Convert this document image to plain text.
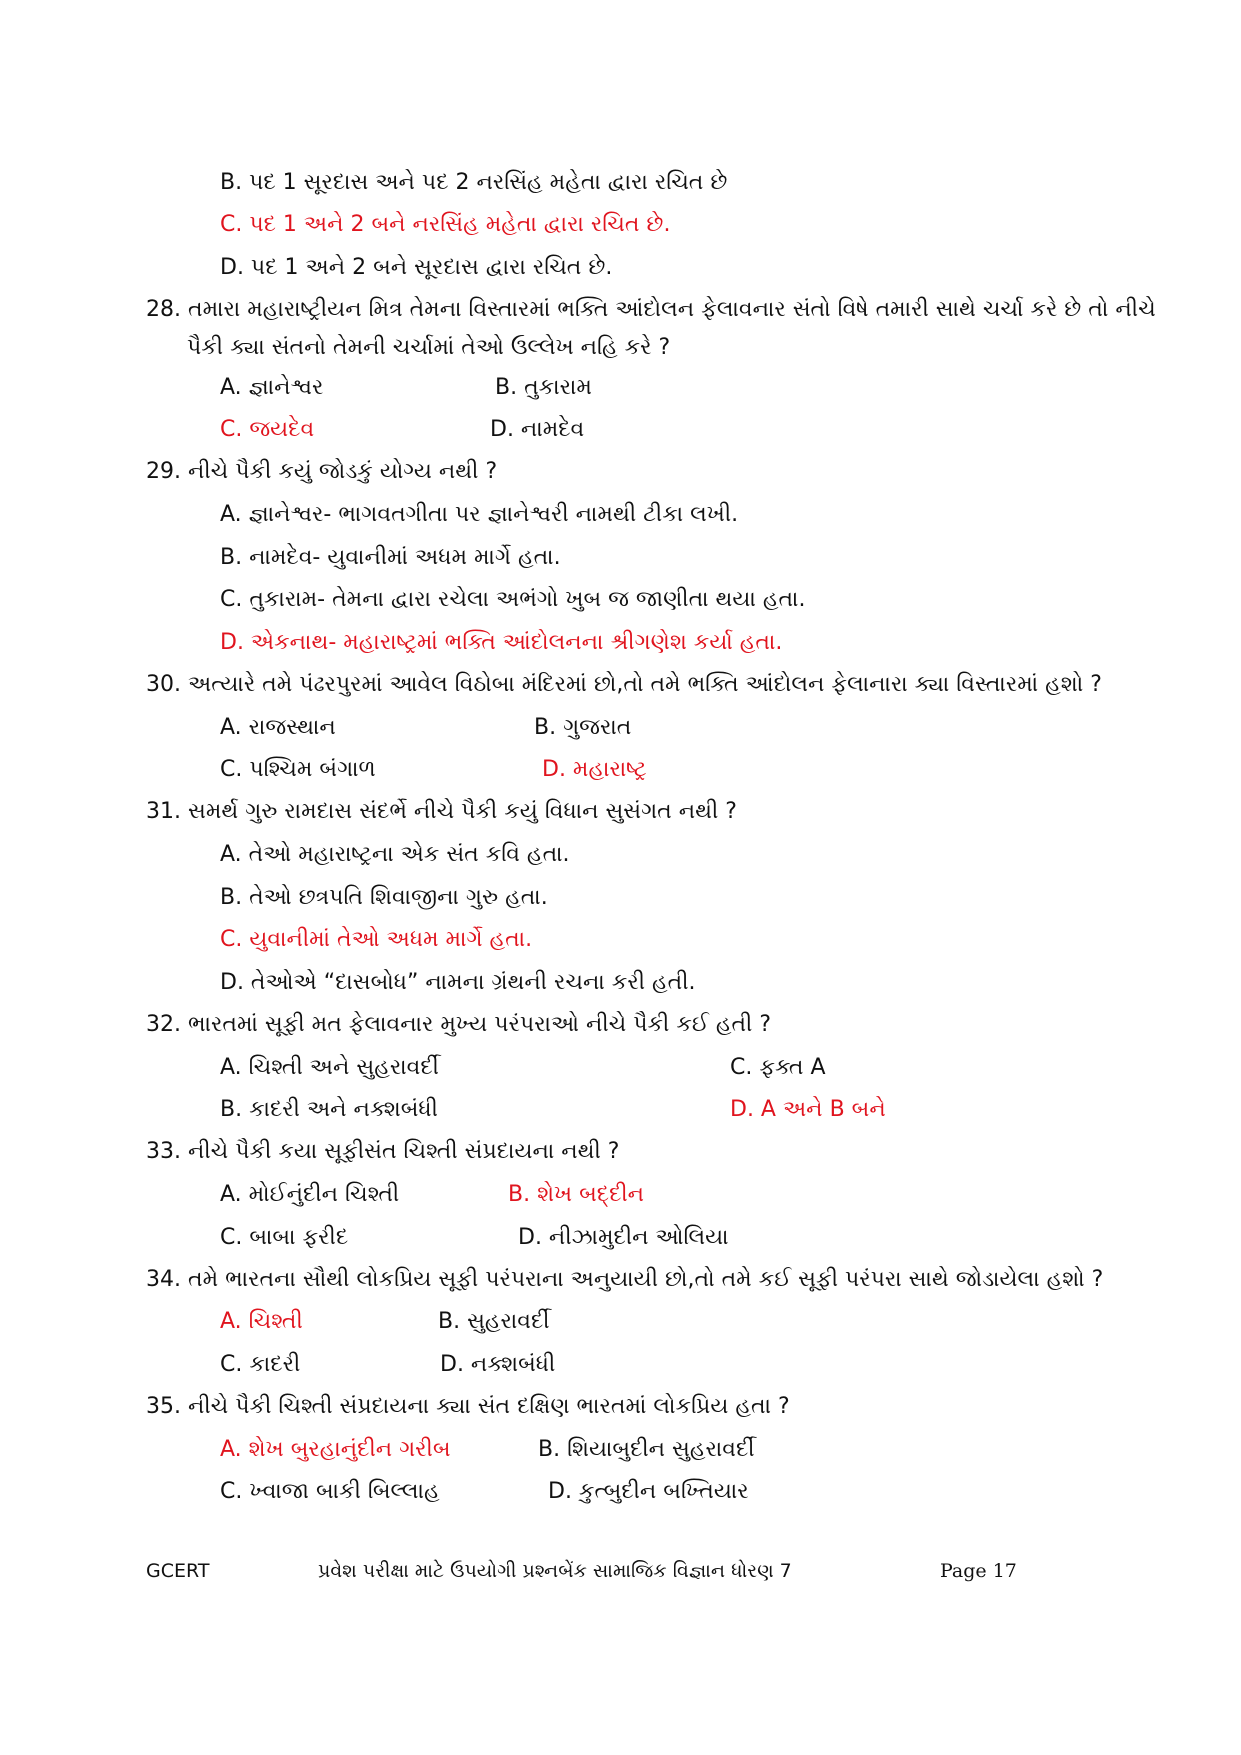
B. પદ 1 સૂરદાસ અને પદ 2 નરસિંહ મહેતા દ્વારા રચિત છે
C. પદ 1 અને 2 બને નરસિંહ મહેતા દ્વારા રચિત છે.
D. પદ 1 અને 2 બને સૂરદાસ દ્વારા રચિત છે.
28. તમારા મહારાષ્ટ્રીયન મિત્ર તેમના વિસ્તારમાં ભક્તિ આંદોલન ફેલાવનાર સંતો વિષે તમારી સાથે ચર્ચા કરે છે તો નીચે
પૈકી ક્યા સંતનો તેમની ચર્ચામાં તેઓ ઉલ્લેખ નહિ કરે ?
A. જ્ઞાનેશ્વર	B. તુકારામ
C. જયદેવ	D. નામદેવ
29. નીચે પૈકી કયું જોડકું યોગ્ય નથી ?
A. જ્ઞાનેશ્વર- ભાગવતગીતા પર જ્ઞાનેશ્વરી નામથી ટીકા લખી.
B. નામદેવ- યુવાનીમાં અધમ માર્ગે હતા.
C. તુકારામ- તેમના દ્વારા રચેલા અભંગો ખુબ જ જાણીતા થયા હતા.
D. એકનાથ- મહારાષ્ટ્રમાં ભક્તિ આંદોલનના શ્રીગણેશ કર્યા હતા.
30. અત્યારે તમે પંઢરપુરમાં આવેલ વિઠોબા મંદિરમાં છો,તો તમે ભક્તિ આંદોલન ફેલાનારા ક્યા વિસ્તારમાં હશો ?
A. રાજસ્થાન	B. ગુજરાત
C. પશ્ચિમ બંગાળ	D. મહારાષ્ટ્ર
31. સમર્થ ગુરુ રામદાસ સંદર્ભે નીચે પૈકી કયું વિધાન સુસંગત નથી ?
A. તેઓ મહારાષ્ટ્રના એક સંત કવિ હતા.
B. તેઓ છત્રપતિ શિવાજીના ગુરુ હતા.
C. યુવાનીમાં તેઓ અધમ માર્ગે હતા.
D. તેઓએ “દાસબોધ” નામના ગ્રંથની રચના કરી હતી.
32. ભારતમાં સૂફી મત ફેલાવનાર મુખ્ય પરંપરાઓ નીચે પૈકી કઈ હતી ?
A. ચિશ્તી અને સુહરાવર્દી	C. ફક્ત A
B. કાદરી અને નક્શબંધી	D. A અને B બને
33. નીચે પૈકી કયા સૂફીસંત ચિશ્તી સંપ્રદાયના નથી ?
A. મોઈનુંદીન ચિશ્તી	B. શેખ બદ્દીન
C. બાબા ફરીદ	D. નીઝામુદીન ઓલિયા
34. તમે ભારતના સૌથી લોકપ્રિય સૂફી પરંપરાના અનુયાયી છો,તો તમે કઈ સૂફી પરંપરા સાથે જોડાયેલા હશો ?
A. ચિશ્તી	B. સુહરાવર્દી
C. કાદરી	D. નક્શબંધી
35. નીચે પૈકી ચિશ્તી સંપ્રદાયના ક્યા સંત દક્ષિણ ભારતમાં લોકપ્રિય હતા ?
A. શેખ બુરહાનુંદીન ગરીબ	B. શિયાબુદીન સુહરાવર્દી
C. ખ્વાજા બાકી બિલ્લાહ	D. કુત્બુદીન બખ્તિયાર
GCERT	પ્રવેશ પરીક્ષા માટે ઉપયોગી પ્રશ્નબેંક સામાજિક વિજ્ઞાન ધોરણ 7	Page 17
